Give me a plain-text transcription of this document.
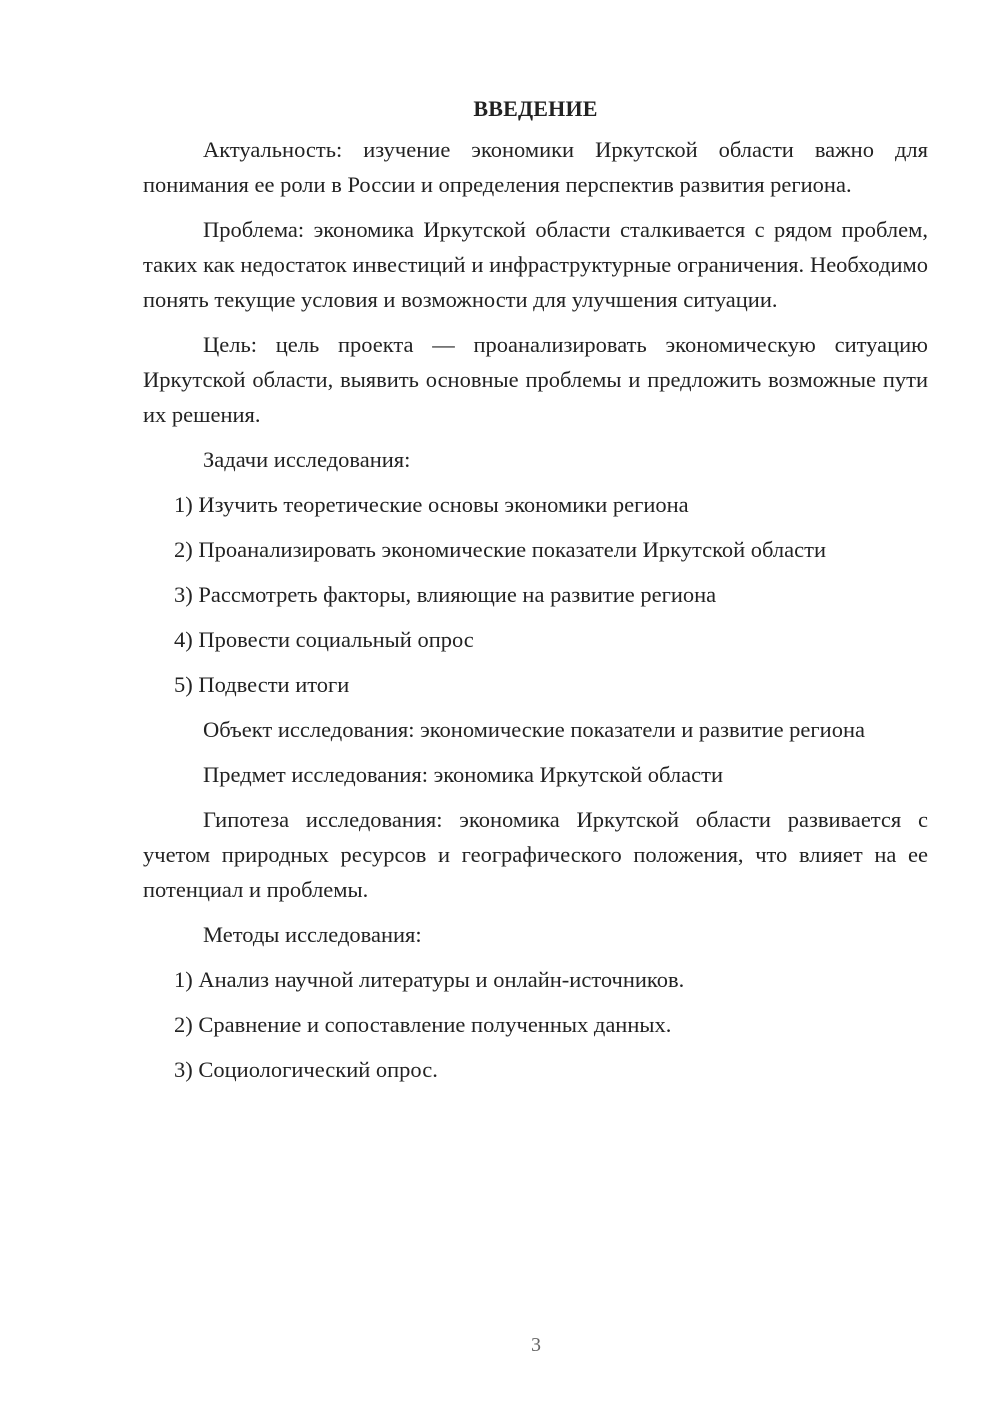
ВВЕДЕНИЕ

Актуальность: изучение экономики Иркутской области важно для понимания ее роли в России и определения перспектив развития региона.

Проблема: экономика Иркутской области сталкивается с рядом проблем, таких как недостаток инвестиций и инфраструктурные ограничения. Необходимо понять текущие условия и возможности для улучшения ситуации.

Цель: цель проекта — проанализировать экономическую ситуацию Иркутской области, выявить основные проблемы и предложить возможные пути их решения.

Задачи исследования:
1) Изучить теоретические основы экономики региона
2) Проанализировать экономические показатели Иркутской области
3) Рассмотреть факторы, влияющие на развитие региона
4) Провести социальный опрос
5) Подвести итоги

Объект исследования: экономические показатели и развитие региона

Предмет исследования: экономика Иркутской области

Гипотеза исследования: экономика Иркутской области развивается с учетом природных ресурсов и географического положения, что влияет на ее потенциал и проблемы.

Методы исследования:
1) Анализ научной литературы и онлайн-источников.
2) Сравнение и сопоставление полученных данных.
3) Социологический опрос.
3
